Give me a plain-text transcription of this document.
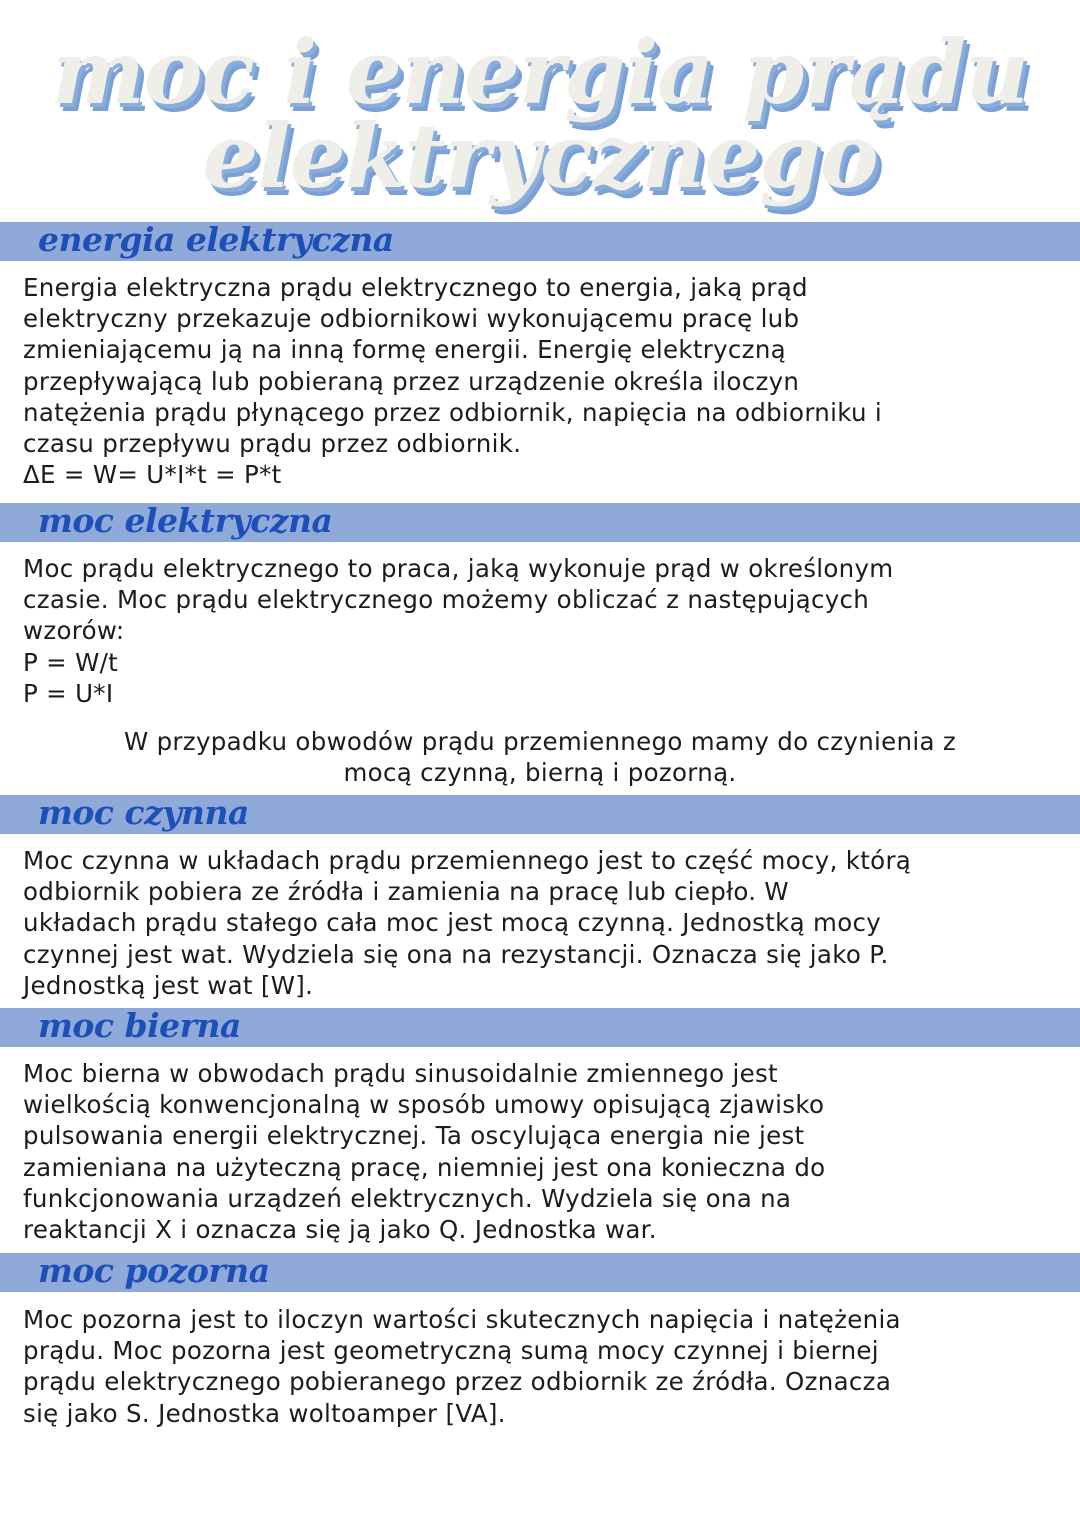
moc i energia prądu
elektrycznego
energia elektryczna
Energia elektryczna prądu elektrycznego to energia, jaką prąd
elektryczny przekazuje odbiornikowi wykonującemu pracę lub
zmieniającemu ją na inną formę energii. Energię elektryczną
przepływającą lub pobieraną przez urządzenie określa iloczyn
natężenia prądu płynącego przez odbiornik, napięcia na odbiorniku i
czasu przepływu prądu przez odbiornik.
ΔE = W= U*I*t = P*t
moc elektryczna
Moc prądu elektrycznego to praca, jaką wykonuje prąd w określonym
czasie. Moc prądu elektrycznego możemy obliczać z następujących
wzorów:
P = W/t
P = U*I
W przypadku obwodów prądu przemiennego mamy do czynienia z
mocą czynną, bierną i pozorną.
moc czynna
Moc czynna w układach prądu przemiennego jest to część mocy, którą
odbiornik pobiera ze źródła i zamienia na pracę lub ciepło. W
układach prądu stałego cała moc jest mocą czynną. Jednostką mocy
czynnej jest wat. Wydziela się ona na rezystancji. Oznacza się jako P.
Jednostką jest wat [W].
moc bierna
Moc bierna w obwodach prądu sinusoidalnie zmiennego jest
wielkością konwencjonalną w sposób umowy opisującą zjawisko
pulsowania energii elektrycznej. Ta oscylująca energia nie jest
zamieniana na użyteczną pracę, niemniej jest ona konieczna do
funkcjonowania urządzeń elektrycznych. Wydziela się ona na
reaktancji X i oznacza się ją jako Q. Jednostka war.
moc pozorna
Moc pozorna jest to iloczyn wartości skutecznych napięcia i natężenia
prądu. Moc pozorna jest geometryczną sumą mocy czynnej i biernej
prądu elektrycznego pobieranego przez odbiornik ze źródła. Oznacza
się jako S. Jednostka woltoamper [VA].
